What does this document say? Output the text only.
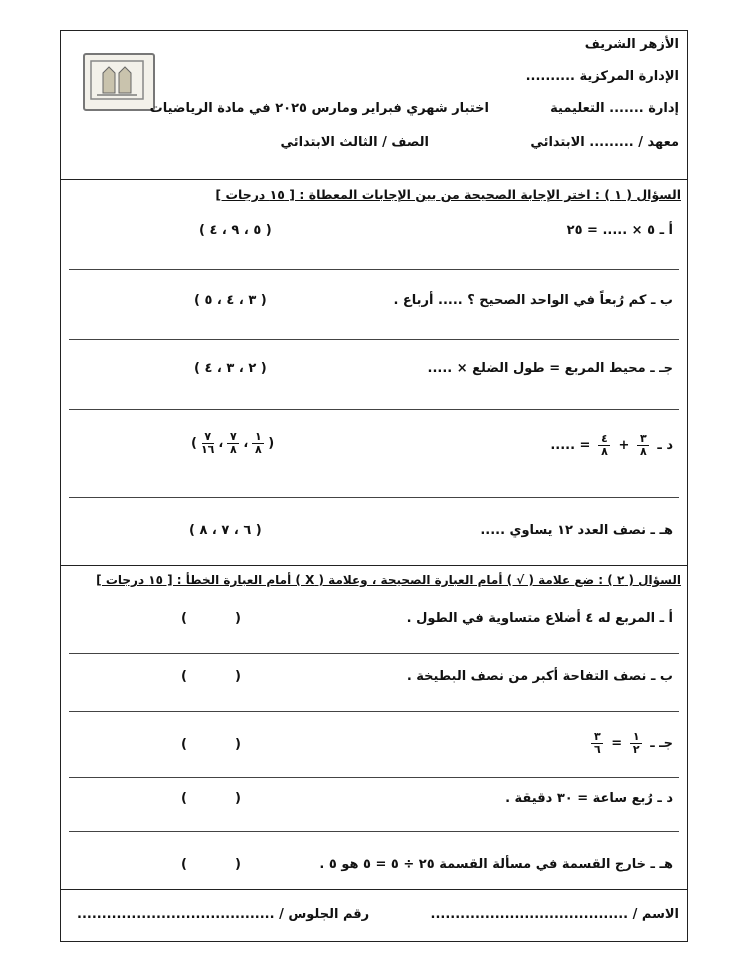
الأزهر الشريف
الإدارة المركزية ..........
إدارة ....... التعليمية
اختبار شهري فبراير ومارس ٢٠٢٥ في مادة الرياضيات
معهد / ......... الابتدائي
الصف / الثالث الابتدائي
السؤال ( ١ ) : اختر الإجابة الصحيحة من بين الإجابات المعطاة : [ ١٥ درجات ]
أ ـ ٥ × ..... = ٢٥
( ٥ ، ٩ ، ٤ )
ب ـ كم رُبعاً في الواحد الصحيح ؟ ..... أرباع .
( ٣ ، ٤ ، ٥ )
جـ ـ محيط المربع = طول الضلع × .....
( ٢ ، ٣ ، ٤ )
د ـ
$\frac{٣}{٨}$
+
$\frac{٤}{٨}$
= .....
(
$\frac{١}{٨}$
،
$\frac{٧}{٨}$
،
$\frac{٧}{١٦}$
)
هـ ـ نصف العدد ١٢ يساوي .....
( ٦ ، ٧ ، ٨ )
السؤال ( ٢ ) : ضع علامة ( √ ) أمام العبارة الصحيحة ، وعلامة ( X ) أمام العبارة الخطأ : [ ١٥ درجات ]
أ ـ المربع له ٤ أضلاع متساوية في الطول .
(	)
ب ـ نصف التفاحة أكبر من نصف البطيخة .
(	)
جـ ـ
$\frac{١}{٢}$
=
$\frac{٣}{٦}$
(	)
د ـ رُبع ساعة = ٣٠ دقيقة .
(	)
هـ ـ خارج القسمة في مسألة القسمة ٢٥ ÷ ٥ = ٥ هو ٥ .
(	)
الاسم / ........................................
رقم الجلوس / ........................................
